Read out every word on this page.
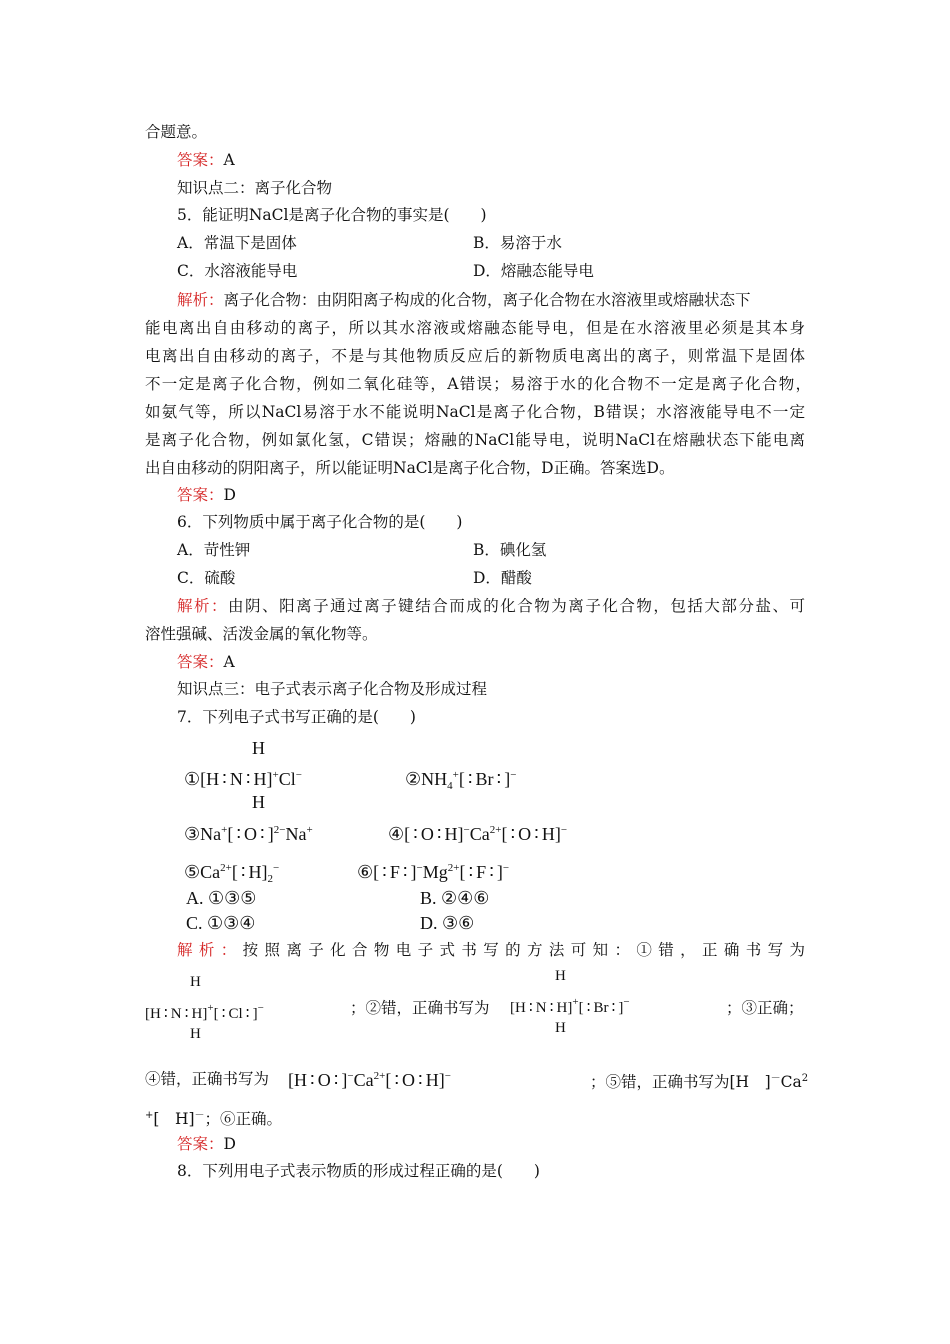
合题意。
答案：A
知识点二：离子化合物
5．能证明NaCl是离子化合物的事实是(　　)
A．常温下是固体	B．易溶于水
C．水溶液能导电	D．熔融态能导电
解析：离子化合物：由阴阳离子构成的化合物，离子化合物在水溶液里或熔融状态下
能电离出自由移动的离子，所以其水溶液或熔融态能导电，但是在水溶液里必须是其本身
电离出自由移动的离子，不是与其他物质反应后的新物质电离出的离子，则常温下是固体
不一定是离子化合物，例如二氧化硅等，A错误；易溶于水的化合物不一定是离子化合物，
如氨气等，所以NaCl易溶于水不能说明NaCl是离子化合物，B错误；水溶液能导电不一定
是离子化合物，例如氯化氢，C错误；熔融的NaCl能导电，说明NaCl在熔融状态下能电离
出自由移动的阴阳离子，所以能证明NaCl是离子化合物，D正确。答案选D。
答案：D
6．下列物质中属于离子化合物的是(　　)
A．苛性钾	B．碘化氢
C．硫酸	D．醋酸
解析：由阴、阳离子通过离子键结合而成的化合物为离子化合物，包括大部分盐、可
溶性强碱、活泼金属的氧化物等。
答案：A
知识点三：电子式表示离子化合物及形成过程
7．下列电子式书写正确的是(　　)
H
①[H ∶ N ∶ H]+Cl−
H
$②NH_4^+$[ ∶ Br ∶ ]−
③Na+[ ∶ O ∶ ]$^{2-}$Na+	④[ ∶ O ∶ $H]^-Ca^{2+}$[ ∶ O ∶ H]−
$⑤Ca^{2+}$[ ∶ $H]_2^-$	⑥[ ∶ F ∶ ]$^-Mg^{2+}$[ ∶ F ∶ ]−
A. ①③⑤	B. ②④⑥
C. ①③④	D. ③⑥
解析：按照离子化合物电子式书写的方法可知：①错，正确书写为
H	H
[H ∶ N ∶ H]+[ ∶ Cl ∶ ]−	；②错，正确书写为 [H ∶ N ∶ H]+[ ∶ Br ∶ ]−	；③正确；
H	H
④错，正确书写为 [H ∶ O ∶ ]$^-Ca^{2+}$[ ∶ O ∶ H]−	；⑤错，正确书写为[H　]－Ca$^2$
+[　H]－；⑥正确。
答案：D
8．下列用电子式表示物质的形成过程正确的是(　　)
